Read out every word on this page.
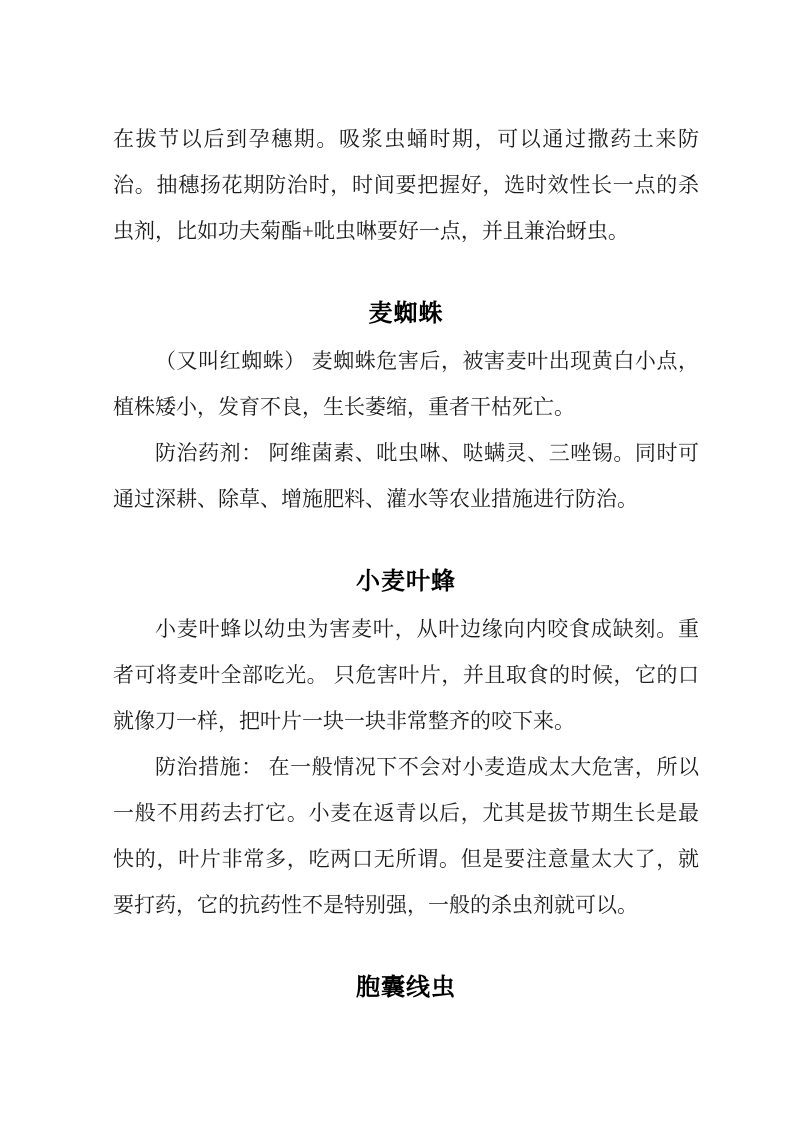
在拔节以后到孕穗期。吸浆虫蛹时期，可以通过撒药土来防治。抽穗扬花期防治时，时间要把握好，选时效性长一点的杀虫剂，比如功夫菊酯+吡虫啉要好一点，并且兼治蚜虫。

麦蜘蛛

（又叫红蜘蛛） 麦蜘蛛危害后，被害麦叶出现黄白小点，植株矮小，发育不良，生长萎缩，重者干枯死亡。

防治药剂： 阿维菌素、吡虫啉、哒螨灵、三唑锡。同时可通过深耕、除草、增施肥料、灌水等农业措施进行防治。

小麦叶蜂

小麦叶蜂以幼虫为害麦叶，从叶边缘向内咬食成缺刻。重者可将麦叶全部吃光。 只危害叶片，并且取食的时候，它的口就像刀一样，把叶片一块一块非常整齐的咬下来。

防治措施： 在一般情况下不会对小麦造成太大危害，所以一般不用药去打它。小麦在返青以后，尤其是拔节期生长是最快的，叶片非常多，吃两口无所谓。但是要注意量太大了，就要打药，它的抗药性不是特别强，一般的杀虫剂就可以。

胞囊线虫
